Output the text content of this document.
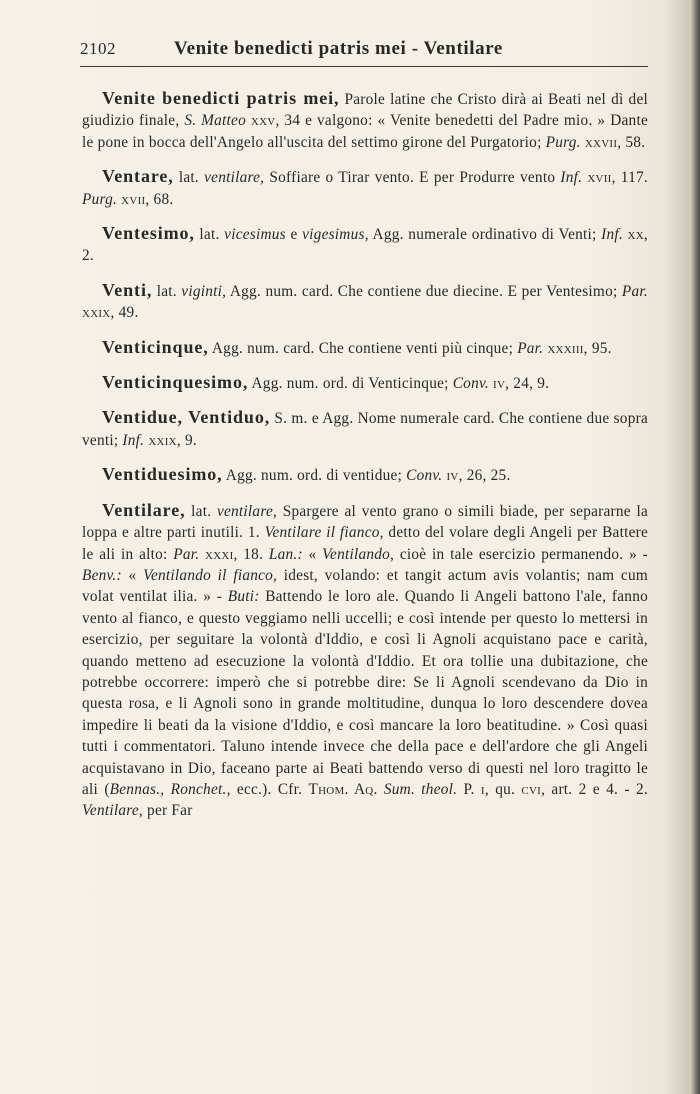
2102	Venite benedicti patris mei - Ventilare

Venite benedicti patris mei, Parole latine che Cristo dirà ai Beati nel dì del giudizio finale, S. Matteo xxv, 34 e valgono: « Venite benedetti del Padre mio. » Dante le pone in bocca dell'Angelo all'uscita del settimo girone del Purgatorio; Purg. xxvii, 58.

Ventare, lat. ventilare, Soffiare o Tirar vento. E per Produrre vento Inf. xvii, 117. Purg. xvii, 68.

Ventesimo, lat. vicesimus e vigesimus, Agg. numerale ordinativo di Venti; Inf. xx, 2.

Venti, lat. viginti, Agg. num. card. Che contiene due diecine. E per Ventesimo; Par. xxix, 49.

Venticinque, Agg. num. card. Che contiene venti più cinque; Par. xxxiii, 95.

Venticinquesimo, Agg. num. ord. di Venticinque; Conv. iv, 24, 9.

Ventidue, Ventiduo, S. m. e Agg. Nome numerale card. Che contiene due sopra venti; Inf. xxix, 9.

Ventiduesimo, Agg. num. ord. di ventidue; Conv. iv, 26, 25.

Ventilare, lat. ventilare, Spargere al vento grano o simili biade, per separarne la loppa e altre parti inutili. 1. Ventilare il fianco, detto del volare degli Angeli per Battere le ali in alto: Par. xxxi, 18. Lan.: « Ventilando, cioè in tale esercizio permanendo. » - Benv.: « Ventilando il fianco, idest, volando: et tangit actum avis volantis; nam cum volat ventilat ilia. » - Buti: Battendo le loro ale. Quando li Angeli battono l'ale, fanno vento al fianco, e questo veggiamo nelli uccelli; e così intende per questo lo mettersi in esercizio, per seguitare la volontà d'Iddio, e così li Agnoli acquistano pace e carità, quando metteno ad esecuzione la volontà d'Iddio. Et ora tollie una dubitazione, che potrebbe occorrere: imperò che si potrebbe dire: Se li Agnoli scendevano da Dio in questa rosa, e li Agnoli sono in grande moltitudine, dunqua lo loro descendere dovea impedire li beati da la visione d'Iddio, e così mancare la loro beatitudine. » Così quasi tutti i commentatori. Taluno intende invece che della pace e dell'ardore che gli Angeli acquistavano in Dio, faceano parte ai Beati battendo verso di questi nel loro tragitto le ali (Bennas., Ronchet., ecc.). Cfr. Thom. Aq. Sum. theol. P. i, qu. cvi, art. 2 e 4. - 2. Ventilare, per Far
